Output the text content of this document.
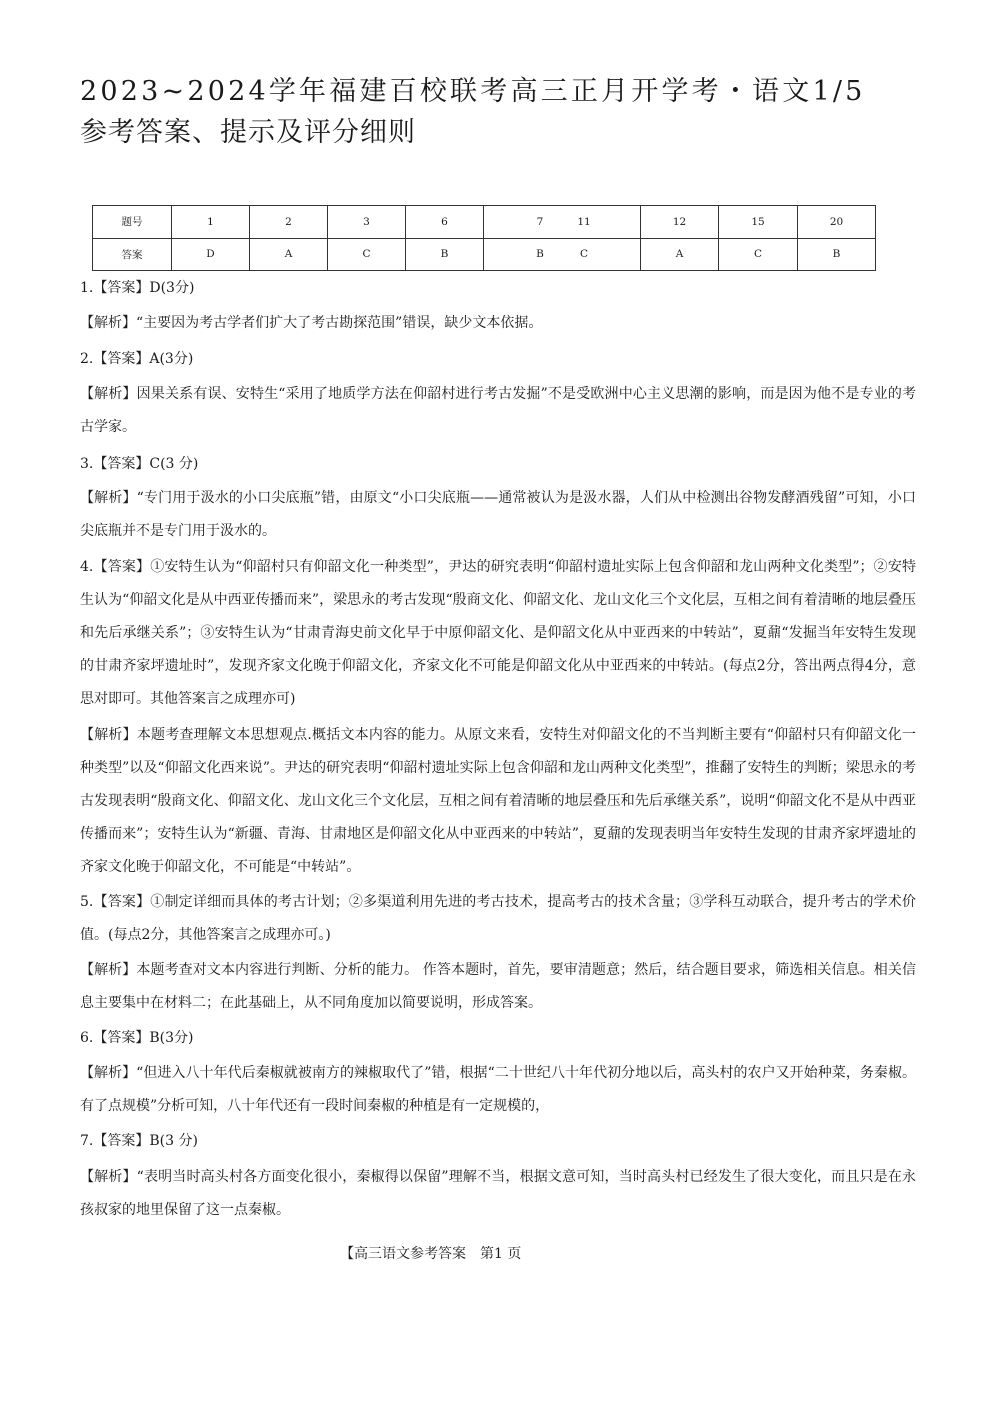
2023~2024学年福建百校联考高三正月开学考・语文1/5
参考答案、提示及评分细则
题号	1	2	3	6	7 11	12	15	20
答案	D	A	C	B	B C	A	C	B
1.【答案】D(3分)
【解析】“主要因为考古学者们扩大了考古勘探范围”错误，缺少文本依据。
2.【答案】A(3分)
【解析】因果关系有误、安特生“采用了地质学方法在仰韶村进行考古发掘”不是受欧洲中心主义思潮的影响，而是因为他不是专业的考古学家。
3.【答案】C(3 分)
【解析】“专门用于汲水的小口尖底瓶”错，由原文“小口尖底瓶——通常被认为是汲水器，人们从中检测出谷物发酵酒残留”可知，小口尖底瓶并不是专门用于汲水的。
4.【答案】①安特生认为“仰韶村只有仰韶文化一种类型”，尹达的研究表明“仰韶村遗址实际上包含仰韶和龙山两种文化类型”；②安特生认为“仰韶文化是从中西亚传播而来”，梁思永的考古发现“殷商文化、仰韶文化、龙山文化三个文化层，互相之间有着清晰的地层叠压和先后承继关系”；③安特生认为“甘肃青海史前文化早于中原仰韶文化、是仰韶文化从中亚西来的中转站”，夏鼐“发掘当年安特生发现的甘肃齐家坪遗址时”，发现齐家文化晚于仰韶文化，齐家文化不可能是仰韶文化从中亚西来的中转站。(每点2分，答出两点得4分，意思对即可。其他答案言之成理亦可)
【解析】本题考查理解文本思想观点.概括文本内容的能力。从原文来看，安特生对仰韶文化的不当判断主要有“仰韶村只有仰韶文化一种类型”以及“仰韶文化西来说”。尹达的研究表明“仰韶村遗址实际上包含仰韶和龙山两种文化类型”，推翻了安特生的判断；梁思永的考古发现表明“殷商文化、仰韶文化、龙山文化三个文化层，互相之间有着清晰的地层叠压和先后承继关系”，说明“仰韶文化不是从中西亚传播而来”；安特生认为“新疆、青海、甘肃地区是仰韶文化从中亚西来的中转站”，夏鼐的发现表明当年安特生发现的甘肃齐家坪遗址的齐家文化晚于仰韶文化，不可能是“中转站”。
5.【答案】①制定详细而具体的考古计划；②多渠道利用先进的考古技术，提高考古的技术含量；③学科互动联合，提升考古的学术价值。(每点2分，其他答案言之成理亦可。)
【解析】本题考查对文本内容进行判断、分析的能力。 作答本题时，首先，要审清题意；然后，结合题目要求，筛选相关信息。相关信息主要集中在材料二；在此基础上，从不同角度加以简要说明，形成答案。
6.【答案】B(3分)
【解析】“但进入八十年代后秦椒就被南方的辣椒取代了”错，根据“二十世纪八十年代初分地以后，高头村的农户又开始种菜，务秦椒。有了点规模”分析可知，八十年代还有一段时间秦椒的种植是有一定规模的，
7.【答案】B(3 分)
【解析】“表明当时高头村各方面变化很小，秦椒得以保留”理解不当，根据文意可知，当时高头村已经发生了很大变化，而且只是在永孩叔家的地里保留了这一点秦椒。
【高三语文参考答案　第1 页
